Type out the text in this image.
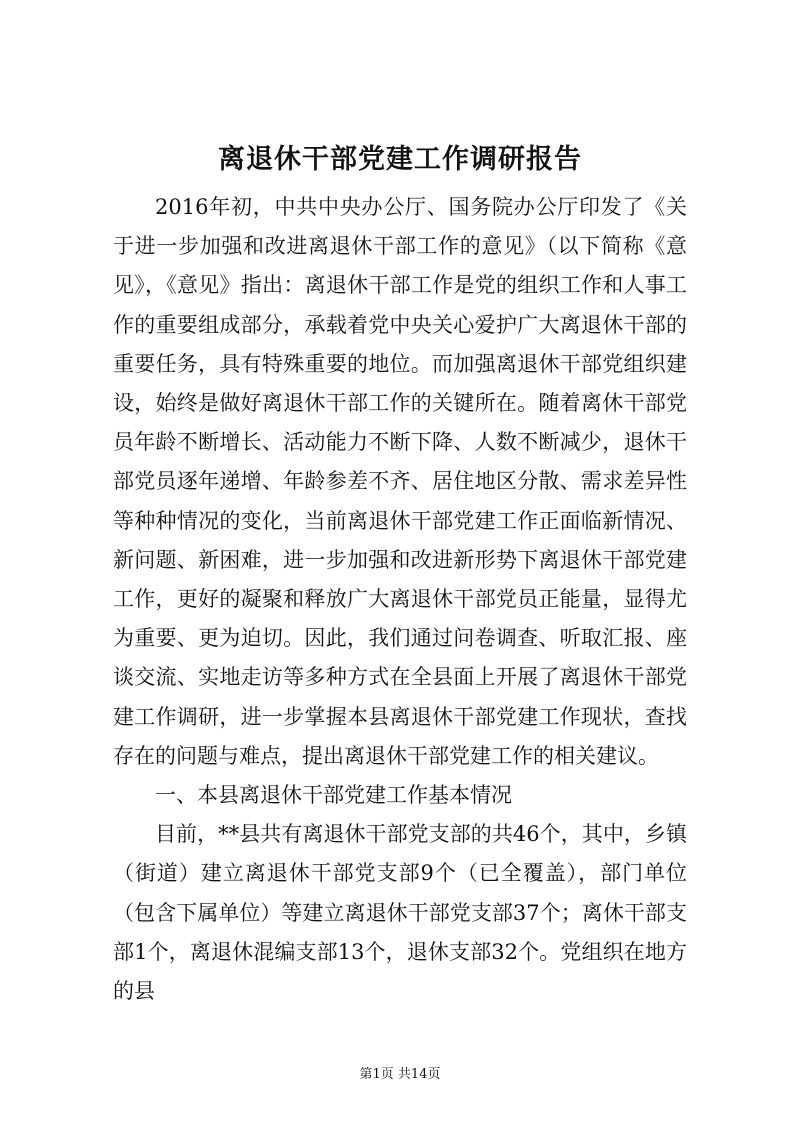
离退休干部党建工作调研报告

2016年初，中共中央办公厅、国务院办公厅印发了《关于进一步加强和改进离退休干部工作的意见》（以下简称《意见》，《意见》指出：离退休干部工作是党的组织工作和人事工作的重要组成部分，承载着党中央关心爱护广大离退休干部的重要任务，具有特殊重要的地位。而加强离退休干部党组织建设，始终是做好离退休干部工作的关键所在。随着离休干部党员年龄不断增长、活动能力不断下降、人数不断减少，退休干部党员逐年递增、年龄参差不齐、居住地区分散、需求差异性等种种情况的变化，当前离退休干部党建工作正面临新情况、新问题、新困难，进一步加强和改进新形势下离退休干部党建工作，更好的凝聚和释放广大离退休干部党员正能量，显得尤为重要、更为迫切。因此，我们通过问卷调查、听取汇报、座谈交流、实地走访等多种方式在全县面上开展了离退休干部党建工作调研，进一步掌握本县离退休干部党建工作现状，查找存在的问题与难点，提出离退休干部党建工作的相关建议。

一、本县离退休干部党建工作基本情况

目前，**县共有离退休干部党支部的共46个，其中，乡镇（街道）建立离退休干部党支部9个（已全覆盖），部门单位（包含下属单位）等建立离退休干部党支部37个；离休干部支部1个，离退休混编支部13个，退休支部32个。党组织在地方的县

第1页 共14页
